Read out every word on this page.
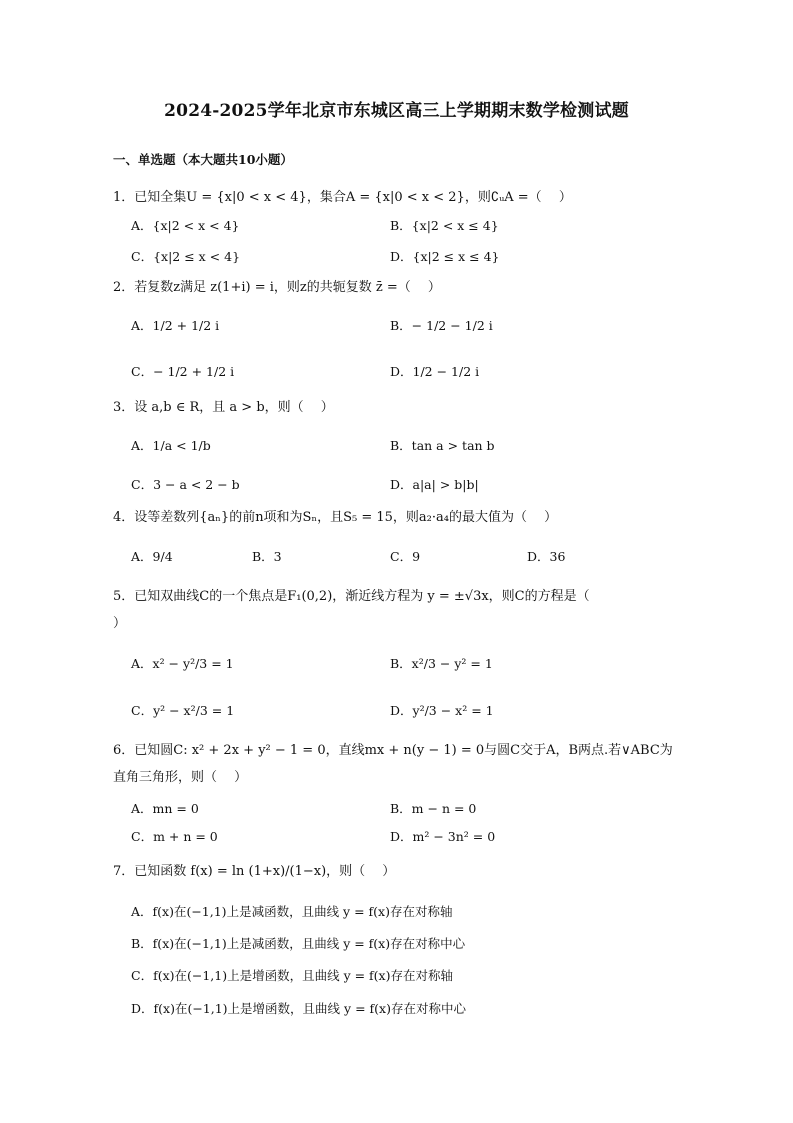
2024-2025学年北京市东城区高三上学期期末数学检测试题
一、单选题（本大题共10小题）
1．已知全集U = {x|0 < x < 4}，集合A = {x|0 < x < 2}，则∁ᵤA =（　 ）
A．{x|2 < x < 4}	B．{x|2 < x ≤ 4}
C．{x|2 ≤ x < 4}	D．{x|2 ≤ x ≤ 4}
2．若复数z满足 z(1+i) = i，则z的共轭复数 z̄ =（　 ）
A．1/2 + 1/2 i	B．− 1/2 − 1/2 i
C．− 1/2 + 1/2 i	D．1/2 − 1/2 i
3．设 a,b ∈ R，且 a > b，则（　 ）
A．1/a < 1/b	B．tan a > tan b
C．3 − a < 2 − b	D．a|a| > b|b|
4．设等差数列{aₙ}的前n项和为Sₙ，且S₅ = 15，则a₂·a₄的最大值为（　 ）
A．9/4	B．3	C．9	D．36
5．已知双曲线C的一个焦点是F₁(0,2)，渐近线方程为 y = ±√3x，则C的方程是（
）
A．x² − y²/3 = 1	B．x²/3 − y² = 1
C．y² − x²/3 = 1	D．y²/3 − x² = 1
6．已知圆C: x² + 2x + y² − 1 = 0，直线mx + n(y − 1) = 0与圆C交于A，B两点.若∨ABC为
直角三角形，则（　 ）
A．mn = 0	B．m − n = 0
C．m + n = 0	D．m² − 3n² = 0
7．已知函数 f(x) = ln (1+x)/(1−x)，则（　 ）
A．f(x)在(−1,1)上是减函数，且曲线 y = f(x)存在对称轴
B．f(x)在(−1,1)上是减函数，且曲线 y = f(x)存在对称中心
C．f(x)在(−1,1)上是增函数，且曲线 y = f(x)存在对称轴
D．f(x)在(−1,1)上是增函数，且曲线 y = f(x)存在对称中心
